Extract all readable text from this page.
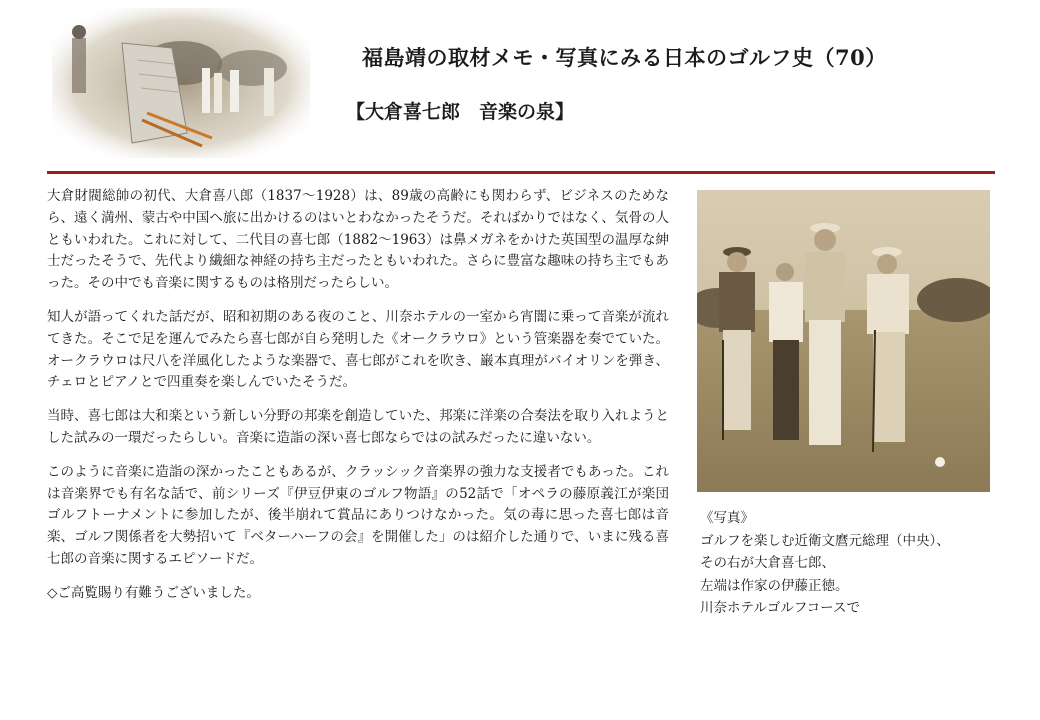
福島靖の取材メモ・写真にみる日本のゴルフ史（70）
【大倉喜七郎　音楽の泉】

大倉財閥総帥の初代、大倉喜八郎（1837～1928）は、89歳の高齢にも関わらず、ビジネスのためなら、遠く満州、蒙古や中国へ旅に出かけるのはいとわなかったそうだ。そればかりではなく、気骨の人ともいわれた。これに対して、二代目の喜七郎（1882～1963）は鼻メガネをかけた英国型の温厚な紳士だったそうで、先代より繊細な神経の持ち主だったともいわれた。さらに豊富な趣味の持ち主でもあった。その中でも音楽に関するものは格別だったらしい。

知人が語ってくれた話だが、昭和初期のある夜のこと、川奈ホテルの一室から宵闇に乗って音楽が流れてきた。そこで足を運んでみたら喜七郎が自ら発明した《オークラウロ》という管楽器を奏でていた。オークラウロは尺八を洋風化したような楽器で、喜七郎がこれを吹き、巌本真理がバイオリンを弾き、チェロとピアノとで四重奏を楽しんでいたそうだ。

当時、喜七郎は大和楽という新しい分野の邦楽を創造していた、邦楽に洋楽の合奏法を取り入れようとした試みの一環だったらしい。音楽に造詣の深い喜七郎ならではの試みだったに違いない。

このように音楽に造詣の深かったこともあるが、クラッシック音楽界の強力な支援者でもあった。これは音楽界でも有名な話で、前シリーズ『伊豆伊東のゴルフ物語』の52話で「オペラの藤原義江が楽団ゴルフトーナメントに参加したが、後半崩れて賞品にありつけなかった。気の毒に思った喜七郎は音楽、ゴルフ関係者を大勢招いて『ベターハーフの会』を開催した」のは紹介した通りで、いまに残る喜七郎の音楽に関するエピソードだ。

◇ご高覧賜り有難うございました。

《写真》
ゴルフを楽しむ近衛文麿元総理（中央）、
その右が大倉喜七郎、
左端は作家の伊藤正徳。
川奈ホテルゴルフコースで
